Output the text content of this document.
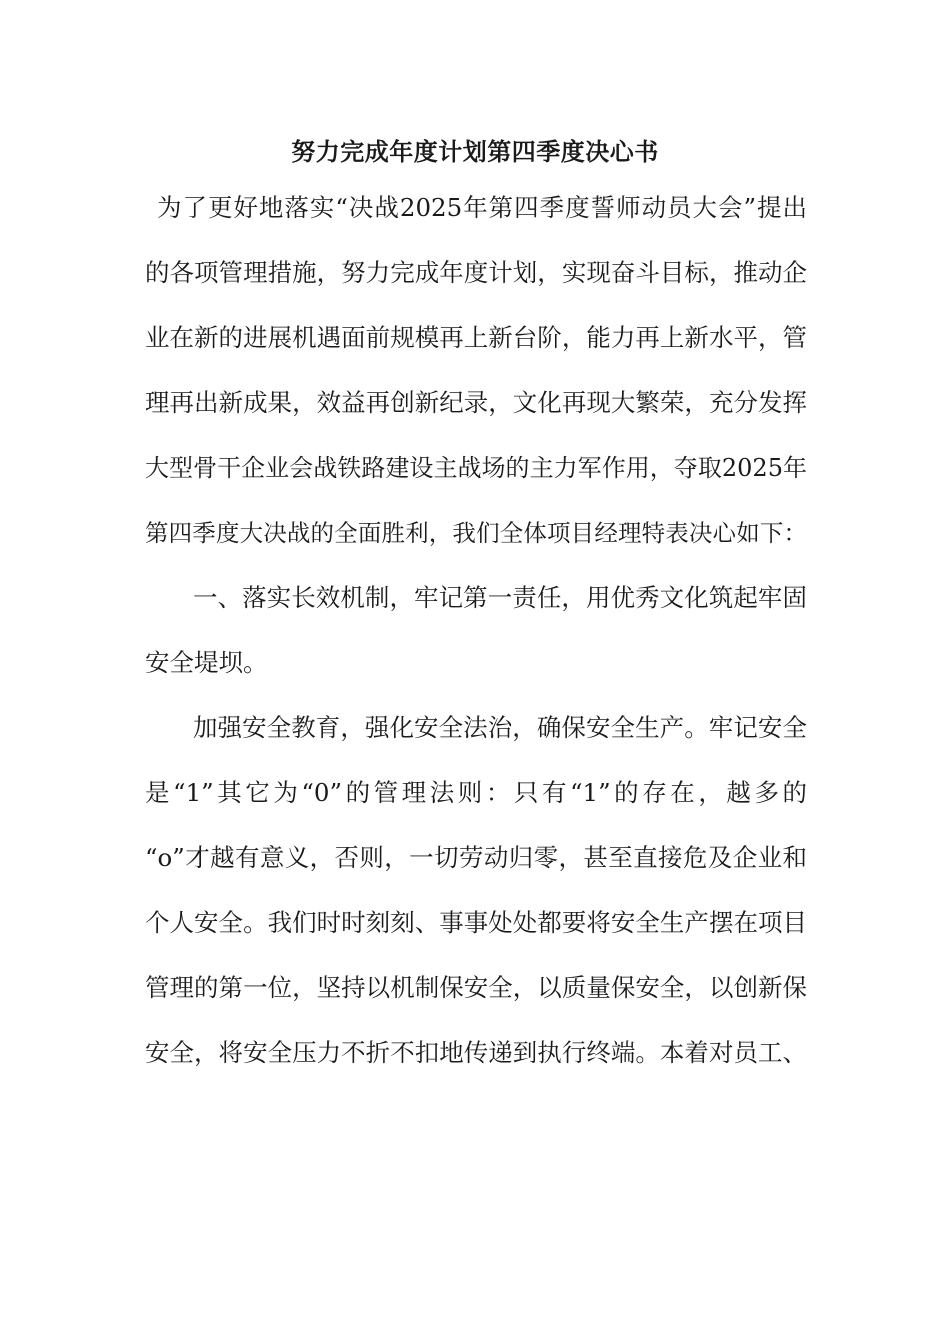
努力完成年度计划第四季度决心书
为了更好地落实“决战2025年第四季度誓师动员大会”提出
的各项管理措施，努力完成年度计划，实现奋斗目标，推动企
业在新的进展机遇面前规模再上新台阶，能力再上新水平，管
理再出新成果，效益再创新纪录，文化再现大繁荣，充分发挥
大型骨干企业会战铁路建设主战场的主力军作用，夺取2025年
第四季度大决战的全面胜利，我们全体项目经理特表决心如下：
一、落实长效机制，牢记第一责任，用优秀文化筑起牢固
安全堤坝。
加强安全教育，强化安全法治，确保安全生产。牢记安全
是“1”其它为“0”的管理法则：只有“1”的存在，越多的
“o”才越有意义，否则，一切劳动归零，甚至直接危及企业和
个人安全。我们时时刻刻、事事处处都要将安全生产摆在项目
管理的第一位，坚持以机制保安全，以质量保安全，以创新保
安全，将安全压力不折不扣地传递到执行终端。本着对员工、
